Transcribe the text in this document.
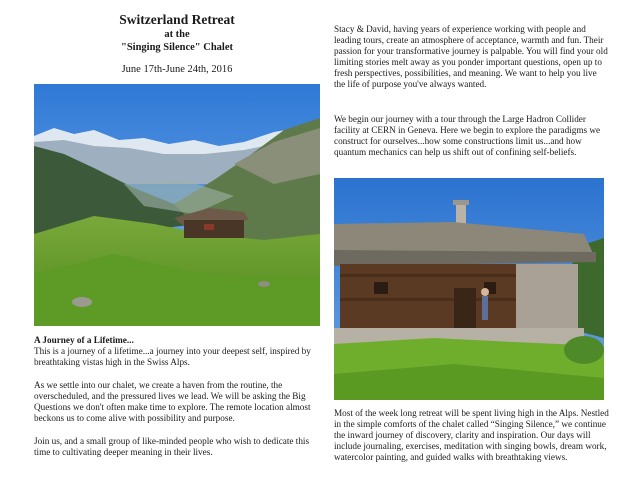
Switzerland Retreat
at the
"Singing Silence" Chalet
June 17th-June 24th, 2016

Stacy & David, having years of experience working with people and leading tours, create an atmosphere of acceptance, warmth and fun. Their passion for your transformative journey is palpable. You will find your old limiting stories melt away as you ponder important questions, open up to fresh perspectives, possibilities, and meaning. We want to help you live the life of purpose you've always wanted.

We begin our journey with a tour through the Large Hadron Collider facility at CERN in Geneva. Here we begin to explore the paradigms we construct for ourselves...how some constructions limit us...and how quantum mechanics can help us shift out of confining self-beliefs.

A Journey of a Lifetime...
This is a journey of a lifetime...a journey into your deepest self, inspired by breathtaking vistas high in the Swiss Alps.

As we settle into our chalet, we create a haven from the routine, the overscheduled, and the pressured lives we lead. We will be asking the Big Questions we don't often make time to explore. The remote location almost beckons us to come alive with possibility and purpose.

Join us, and a small group of like-minded people who wish to dedicate this time to cultivating deeper meaning in their lives.

Most of the week long retreat will be spent living high in the Alps. Nestled in the simple comforts of the chalet called “Singing Silence,” we continue the inward journey of discovery, clarity and inspiration. Our days will include journaling, exercises, meditation with singing bowls, dream work, watercolor painting, and guided walks with breathtaking views.
